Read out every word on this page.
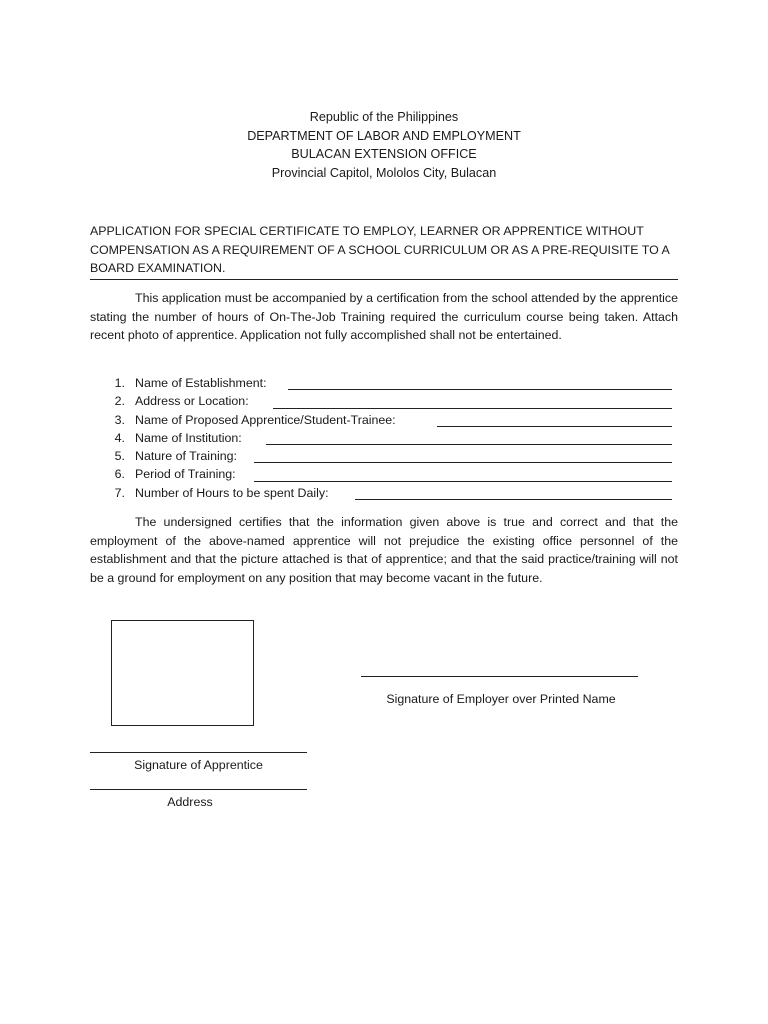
Republic of the Philippines
DEPARTMENT OF LABOR AND EMPLOYMENT
BULACAN EXTENSION OFFICE
Provincial Capitol, Mololos City, Bulacan
APPLICATION FOR SPECIAL CERTIFICATE TO EMPLOY, LEARNER OR APPRENTICE WITHOUT COMPENSATION AS A REQUIREMENT OF A SCHOOL CURRICULUM OR AS A PRE-REQUISITE TO A BOARD EXAMINATION.

This application must be accompanied by a certification from the school attended by the apprentice stating the number of hours of On-The-Job Training required the curriculum course being taken. Attach recent photo of apprentice. Application not fully accomplished shall not be entertained.

1. Name of Establishment:
2. Address or Location:
3. Name of Proposed Apprentice/Student-Trainee:
4. Name of Institution:
5. Nature of Training:
6. Period of Training:
7. Number of Hours to be spent Daily:

The undersigned certifies that the information given above is true and correct and that the employment of the above-named apprentice will not prejudice the existing office personnel of the establishment and that the picture attached is that of apprentice; and that the said practice/training will not be a ground for employment on any position that may become vacant in the future.

Signature of Employer over Printed Name
Signature of Apprentice
Address
